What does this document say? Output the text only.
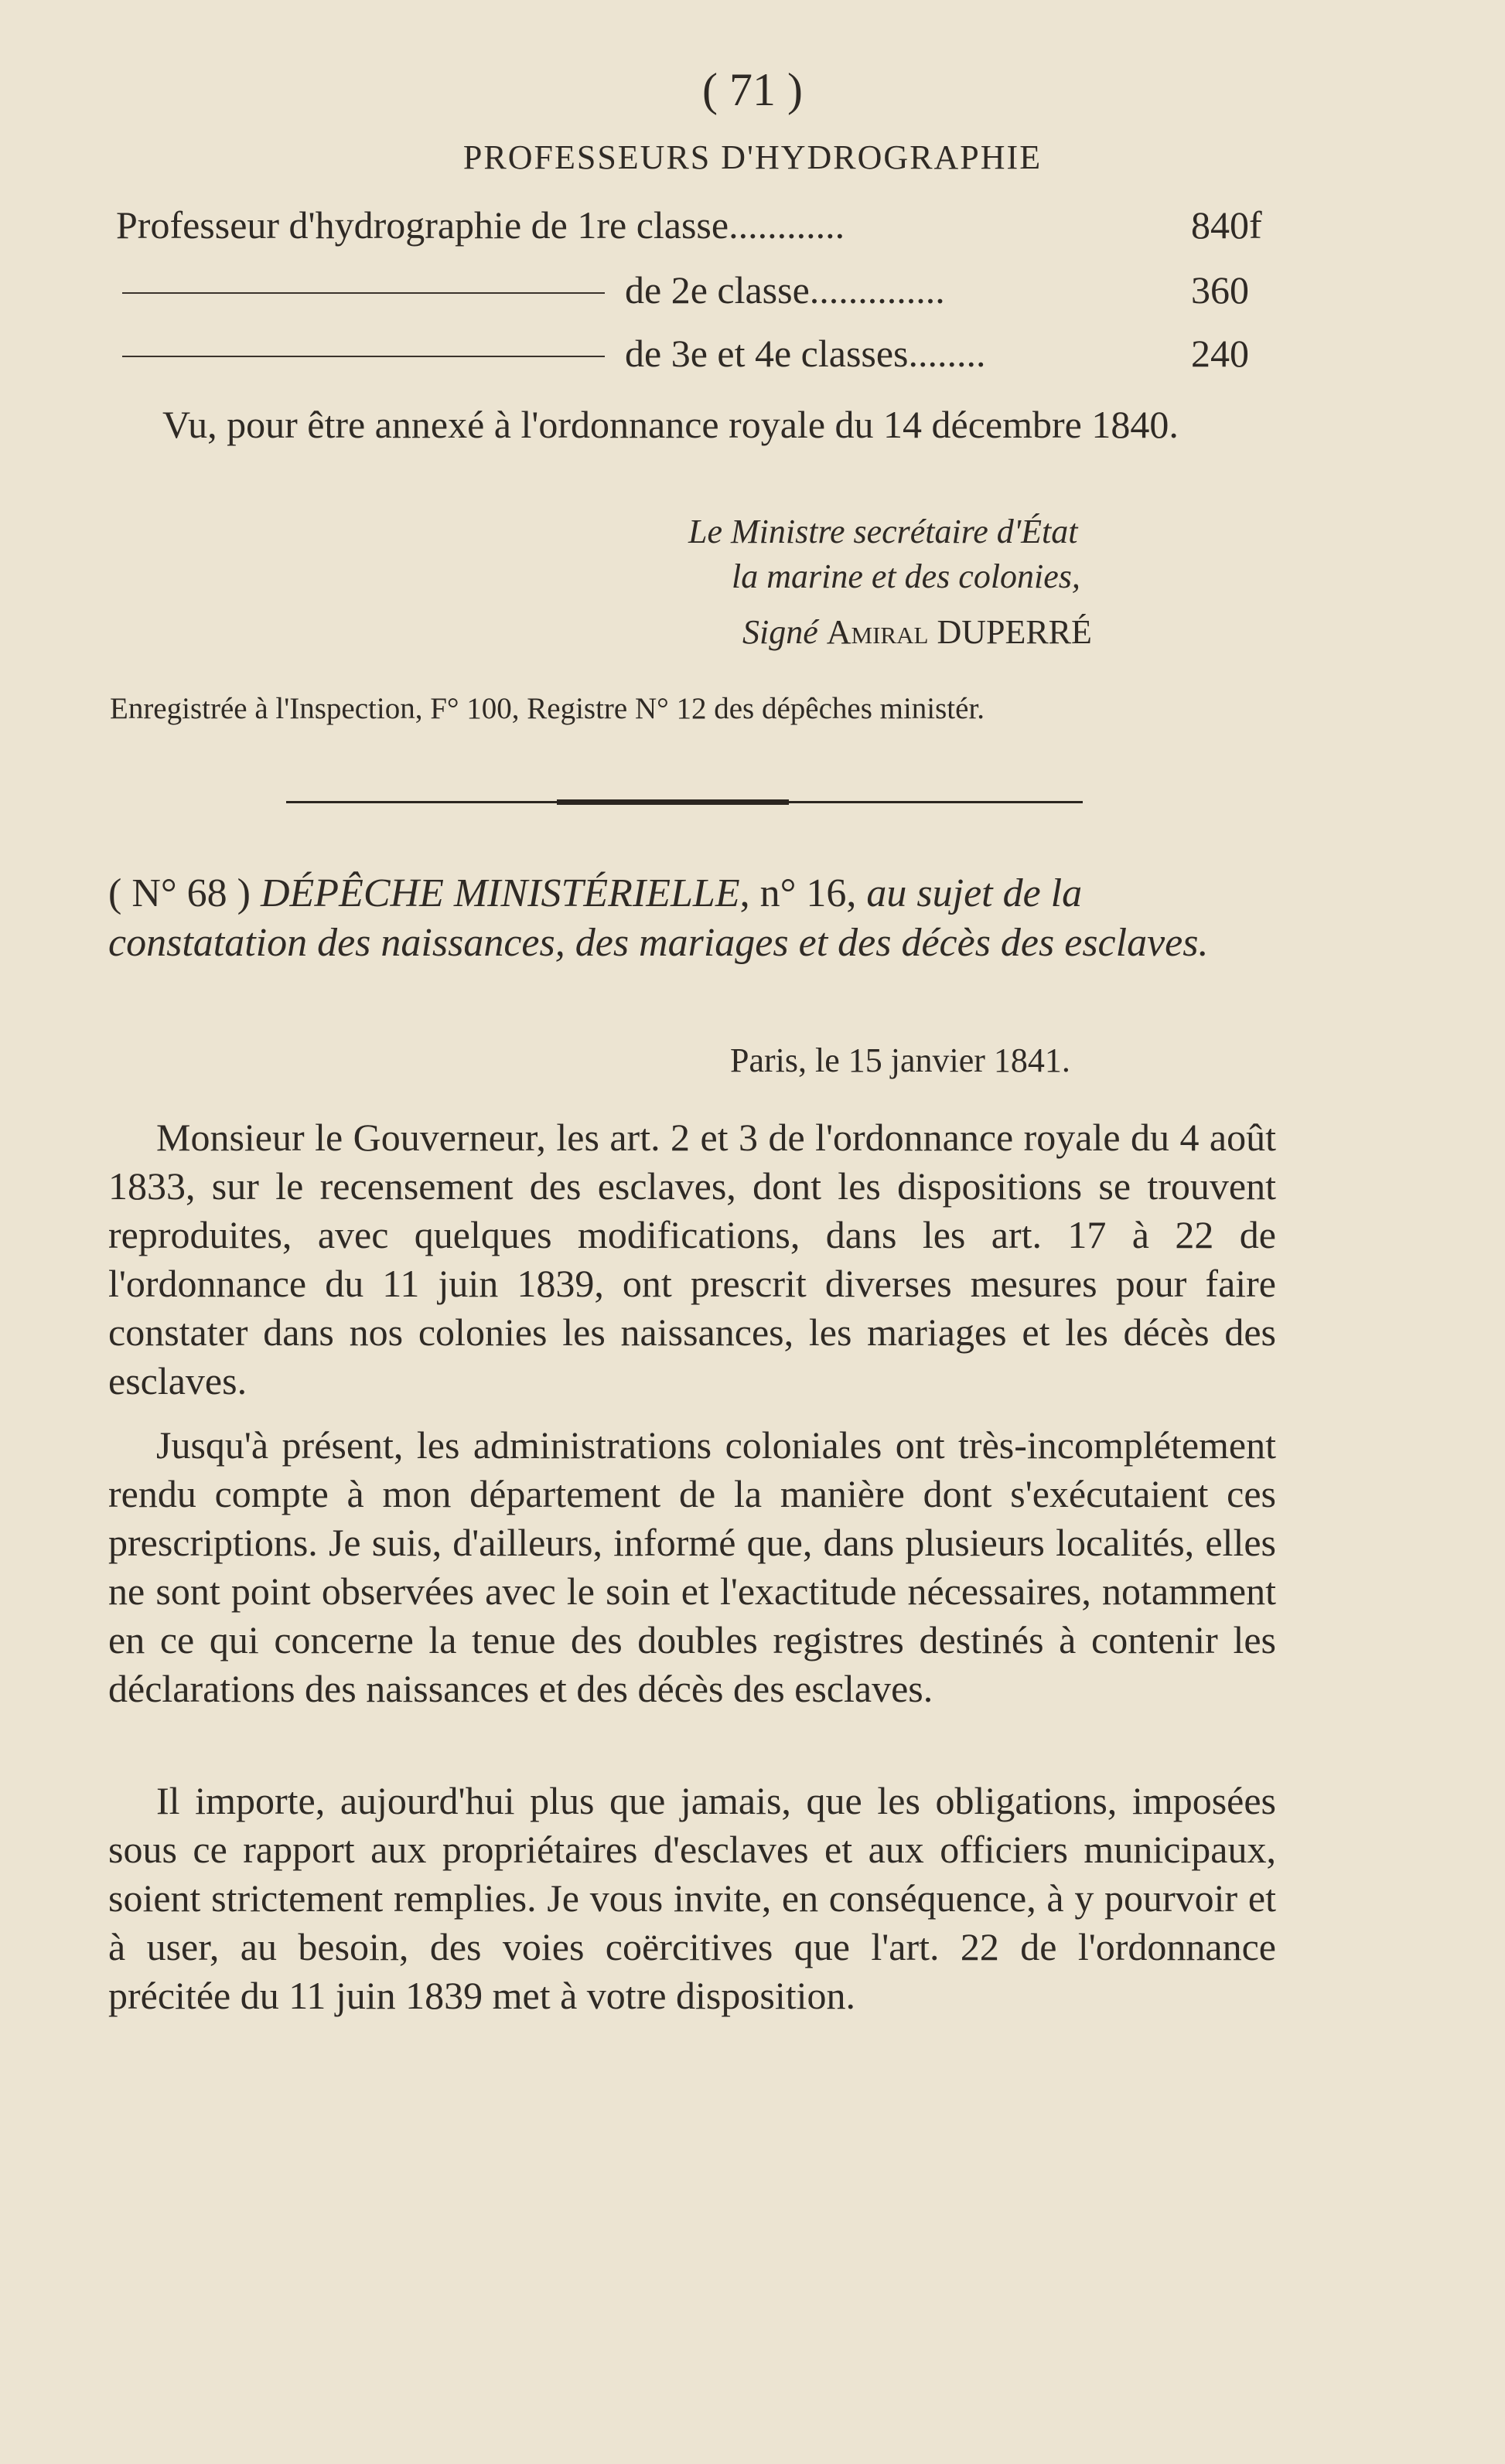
( 71 )
PROFESSEURS D'HYDROGRAPHIE
Professeur d'hydrographie de 1re classe............	840f
de 2e classe..............	360
de 3e et 4e classes........	240
Vu, pour être annexé à l'ordonnance royale du 14 décembre 1840.
Le Ministre secrétaire d'État
la marine et des colonies,
Signé Amiral DUPERRÉ
Enregistrée à l'Inspection, F° 100, Registre N° 12 des dépêches ministér.
( N° 68 ) DÉPÊCHE MINISTÉRIELLE, n° 16, au sujet de la constatation des naissances, des mariages et des décès des esclaves.
Paris, le 15 janvier 1841.
Monsieur le Gouverneur, les art. 2 et 3 de l'ordonnance royale du 4 août 1833, sur le recensement des esclaves, dont les dispositions se trouvent reproduites, avec quelques modifications, dans les art. 17 à 22 de l'ordonnance du 11 juin 1839, ont prescrit diverses mesures pour faire constater dans nos colonies les naissances, les mariages et les décès des esclaves.
Jusqu'à présent, les administrations coloniales ont très-incomplétement rendu compte à mon département de la manière dont s'exécutaient ces prescriptions. Je suis, d'ailleurs, informé que, dans plusieurs localités, elles ne sont point observées avec le soin et l'exactitude nécessaires, notamment en ce qui concerne la tenue des doubles registres destinés à contenir les déclarations des naissances et des décès des esclaves.
Il importe, aujourd'hui plus que jamais, que les obligations, imposées sous ce rapport aux propriétaires d'esclaves et aux officiers municipaux, soient strictement remplies. Je vous invite, en conséquence, à y pourvoir et à user, au besoin, des voies coërcitives que l'art. 22 de l'ordonnance précitée du 11 juin 1839 met à votre disposition.
